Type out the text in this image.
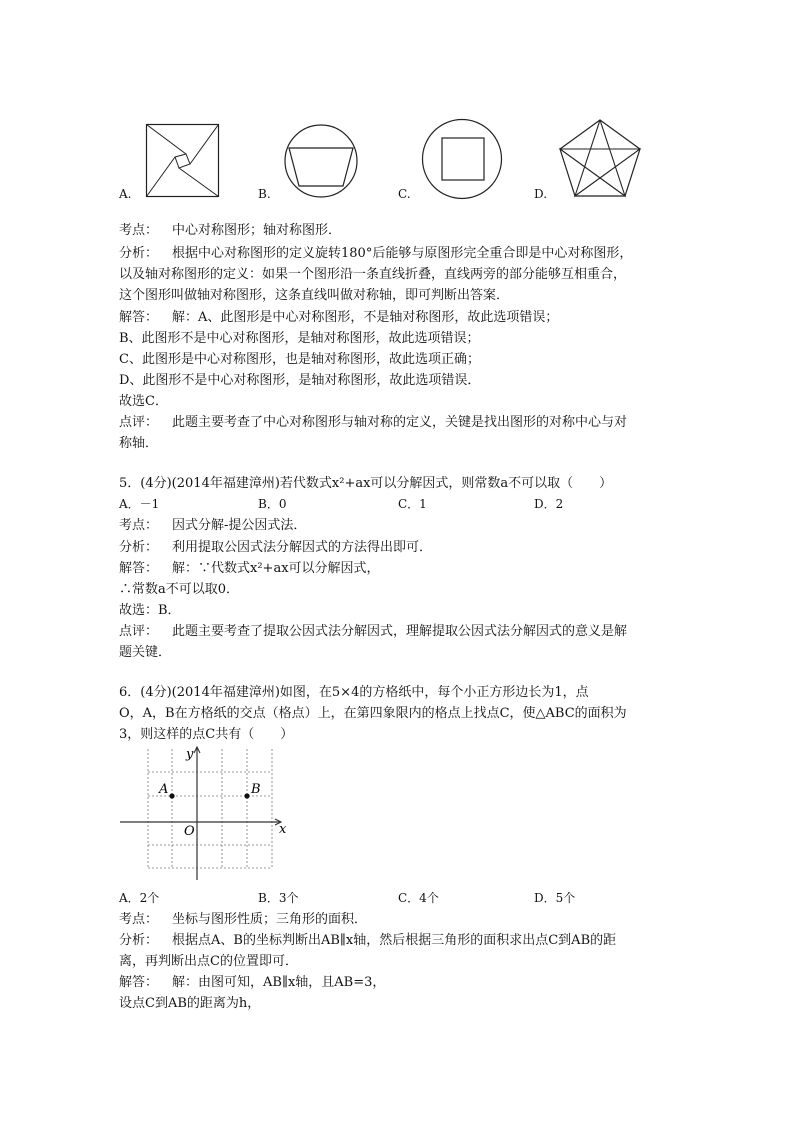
A.	B.	C.	D.
考点： 中心对称图形；轴对称图形．
分析： 根据中心对称图形的定义旋转180°后能够与原图形完全重合即是中心对称图形，
以及轴对称图形的定义：如果一个图形沿一条直线折叠，直线两旁的部分能够互相重合，
这个图形叫做轴对称图形，这条直线叫做对称轴，即可判断出答案．
解答： 解：A、此图形是中心对称图形，不是轴对称图形，故此选项错误；
B、此图形不是中心对称图形，是轴对称图形，故此选项错误；
C、此图形是中心对称图形，也是轴对称图形，故此选项正确；
D、此图形不是中心对称图形，是轴对称图形，故此选项错误．
故选C．
点评： 此题主要考查了中心对称图形与轴对称的定义，关键是找出图形的对称中心与对
称轴．
5．(4分)(2014年福建漳州)若代数式x²+ax可以分解因式，则常数a不可以取（　　）
A．－1	B．0	C．1	D．2
考点： 因式分解-提公因式法．
分析： 利用提取公因式法分解因式的方法得出即可．
解答： 解：∵代数式x²+ax可以分解因式，
∴常数a不可以取0．
故选：B．
点评： 此题主要考查了提取公因式法分解因式，理解提取公因式法分解因式的意义是解
题关键．
6．(4分)(2014年福建漳州)如图，在5×4的方格纸中，每个小正方形边长为1，点
O，A，B在方格纸的交点（格点）上，在第四象限内的格点上找点C，使△ABC的面积为
3，则这样的点C共有（　　）
y
x
O
A	B
A．2个	B．3个	C．4个	D．5个
考点： 坐标与图形性质；三角形的面积．
分析： 根据点A、B的坐标判断出AB∥x轴，然后根据三角形的面积求出点C到AB的距
离，再判断出点C的位置即可．
解答： 解：由图可知，AB∥x轴，且AB=3，
设点C到AB的距离为h，
